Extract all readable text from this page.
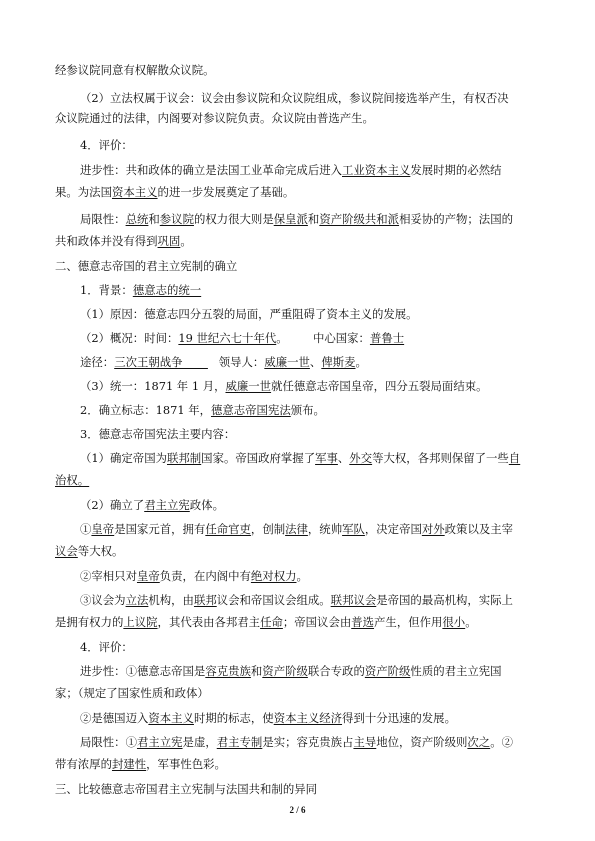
2 / 6
经参议院同意有权解散众议院。
（2）立法权属于议会：议会由参议院和众议院组成，参议院间接选举产生，有权否决
众议院通过的法律，内阁要对参议院负责。众议院由普选产生。
4．评价：
进步性：共和政体的确立是法国工业革命完成后进入工业资本主义发展时期的必然结
果。为法国资本主义的进一步发展奠定了基础。
局限性：总统和参议院的权力很大则是保皇派和资产阶级共和派相妥协的产物；法国的
共和政体并没有得到巩固。
二、德意志帝国的君主立宪制的确立
1．背景：德意志的统一
（1）原因：德意志四分五裂的局面，严重阻碍了资本主义的发展。
（2）概况：时间：19 世纪六七十年代。       中心国家：普鲁士
途径：三次王朝战争          领导人：威廉一世、俾斯麦。
（3）统一：1871 年 1 月，威廉一世就任德意志帝国皇帝，四分五裂局面结束。
2．确立标志：1871 年，德意志帝国宪法颁布。
3．德意志帝国宪法主要内容：
（1）确定帝国为联邦制国家。帝国政府掌握了军事、外交等大权，各邦则保留了一些自
治权。
（2）确立了君主立宪政体。
①皇帝是国家元首，拥有任命官吏，创制法律，统帅军队，决定帝国对外政策以及主宰
议会等大权。
②宰相只对皇帝负责，在内阁中有绝对权力。
③议会为立法机构，由联邦议会和帝国议会组成。联邦议会是帝国的最高机构，实际上
是拥有权力的上议院，其代表由各邦君主任命；帝国议会由普选产生，但作用很小。
4．评价：
进步性：①德意志帝国是容克贵族和资产阶级联合专政的资产阶级性质的君主立宪国
家；（规定了国家性质和政体）
②是德国迈入资本主义时期的标志，使资本主义经济得到十分迅速的发展。
局限性：①君主立宪是虚，君主专制是实；容克贵族占主导地位，资产阶级则次之。②
带有浓厚的封建性，军事性色彩。
三、比较德意志帝国君主立宪制与法国共和制的异同
